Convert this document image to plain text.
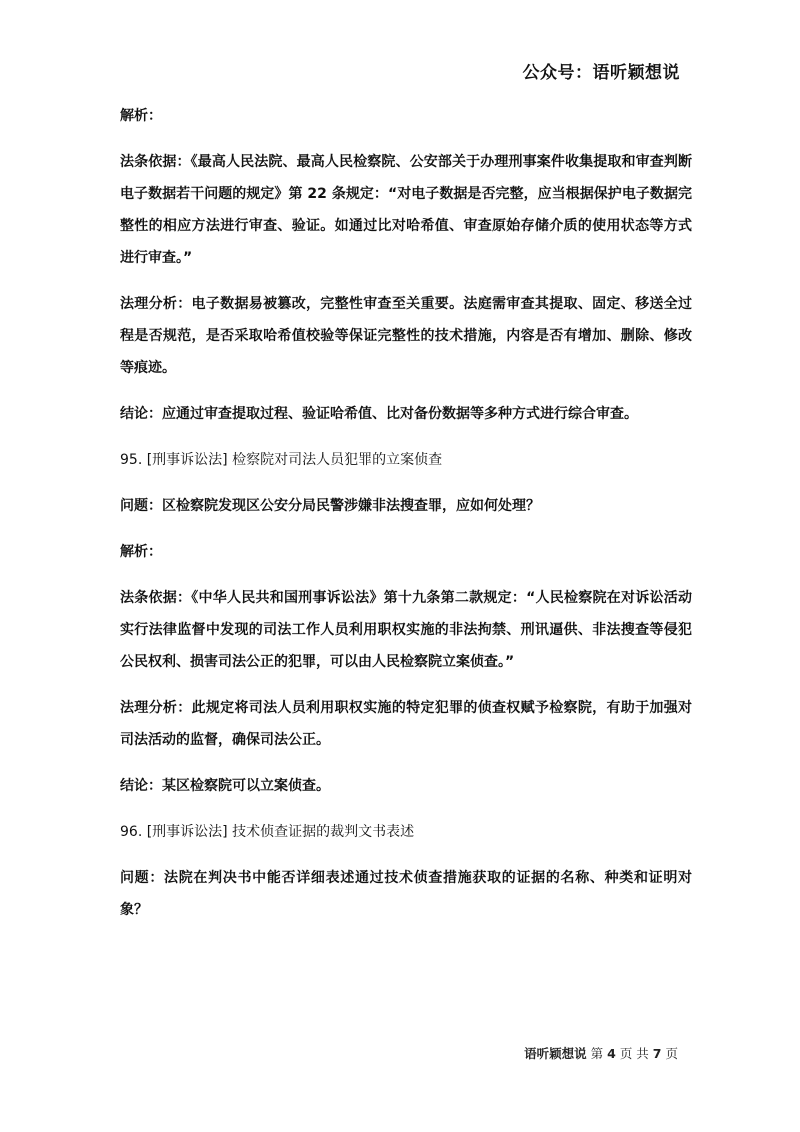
公众号：语听颖想说

解析：

法条依据：《最高人民法院、最高人民检察院、公安部关于办理刑事案件收集提取和审查判断电子数据若干问题的规定》第 22 条规定：“对电子数据是否完整，应当根据保护电子数据完整性的相应方法进行审查、验证。如通过比对哈希值、审查原始存储介质的使用状态等方式进行审查。”

法理分析：电子数据易被篡改，完整性审查至关重要。法庭需审查其提取、固定、移送全过程是否规范，是否采取哈希值校验等保证完整性的技术措施，内容是否有增加、删除、修改等痕迹。

结论：应通过审查提取过程、验证哈希值、比对备份数据等多种方式进行综合审查。

95. [刑事诉讼法] 检察院对司法人员犯罪的立案侦查

问题：区检察院发现区公安分局民警涉嫌非法搜查罪，应如何处理？

解析：

法条依据：《中华人民共和国刑事诉讼法》第十九条第二款规定：“人民检察院在对诉讼活动实行法律监督中发现的司法工作人员利用职权实施的非法拘禁、刑讯逼供、非法搜查等侵犯公民权利、损害司法公正的犯罪，可以由人民检察院立案侦查。”

法理分析：此规定将司法人员利用职权实施的特定犯罪的侦查权赋予检察院，有助于加强对司法活动的监督，确保司法公正。

结论：某区检察院可以立案侦查。

96. [刑事诉讼法] 技术侦查证据的裁判文书表述

问题：法院在判决书中能否详细表述通过技术侦查措施获取的证据的名称、种类和证明对象？

语听颖想说 第 4 页 共 7 页
